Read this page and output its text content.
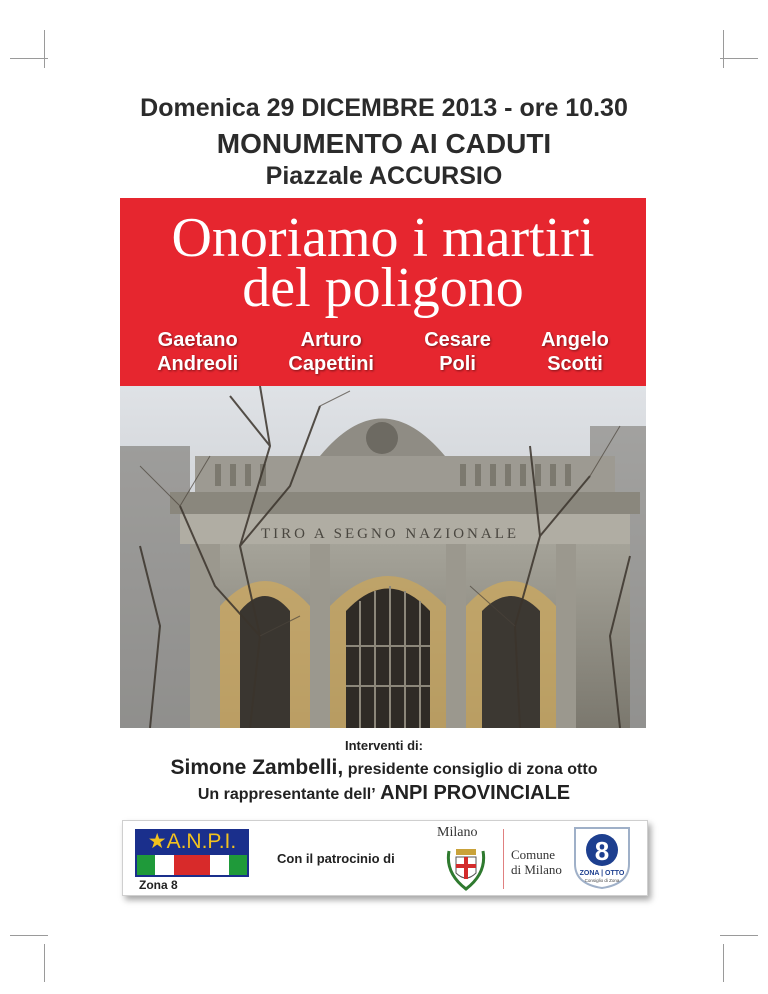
Domenica 29 DICEMBRE 2013 - ore 10.30
MONUMENTO AI CADUTI
Piazzale ACCURSIO
Onoriamo i martiri
del poligono
Gaetano
Andreoli
Arturo
Capettini
Cesare
Poli
Angelo
Scotti
TIRO A SEGNO NAZIONALE
Interventi di:
Simone Zambelli, presidente consiglio di zona otto
Un rappresentante dell’ ANPI PROVINCIALE
★A.N.P.I.
Zona 8
Con il patrocinio di
Milano
Comune
di Milano
8
ZONA | OTTO
Consiglio di Zona
